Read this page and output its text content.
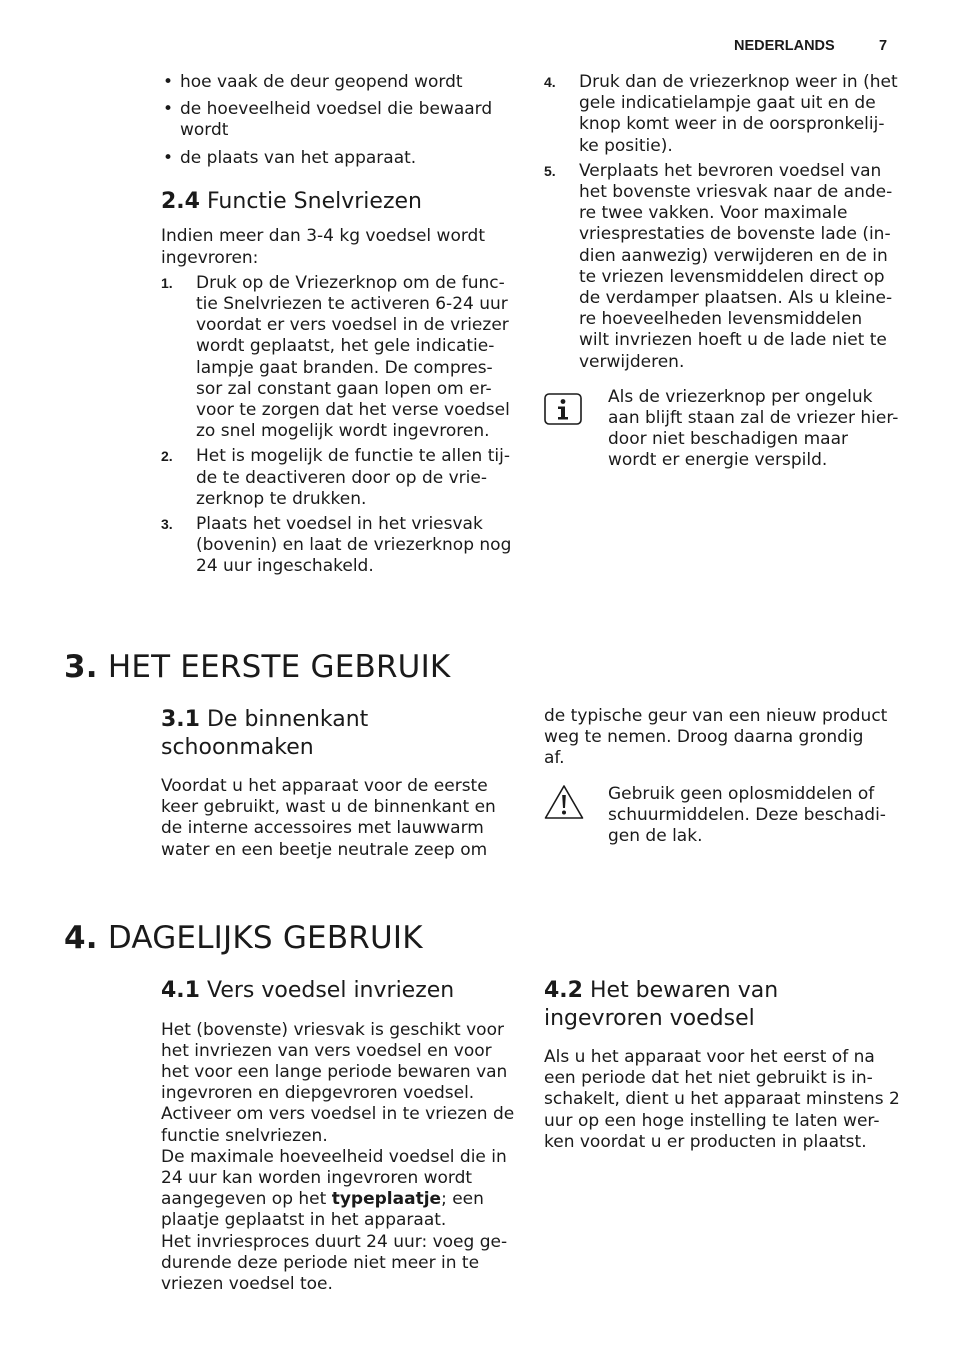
NEDERLANDS	7
• hoe vaak de deur geopend wordt
• de hoeveelheid voedsel die bewaard
wordt
• de plaats van het apparaat.
2.4 Functie Snelvriezen
Indien meer dan 3-4 kg voedsel wordt
ingevroren:
1. Druk op de Vriezerknop om de func-
tie Snelvriezen te activeren 6-24 uur
voordat er vers voedsel in de vriezer
wordt geplaatst, het gele indicatie-
lampje gaat branden. De compres-
sor zal constant gaan lopen om er-
voor te zorgen dat het verse voedsel
zo snel mogelijk wordt ingevroren.
2. Het is mogelijk de functie te allen tij-
de te deactiveren door op de vrie-
zerknop te drukken.
3. Plaats het voedsel in het vriesvak
(bovenin) en laat de vriezerknop nog
24 uur ingeschakeld.
4. Druk dan de vriezerknop weer in (het
gele indicatielampje gaat uit en de
knop komt weer in de oorspronkelij-
ke positie).
5. Verplaats het bevroren voedsel van
het bovenste vriesvak naar de ande-
re twee vakken. Voor maximale
vriesprestaties de bovenste lade (in-
dien aanwezig) verwijderen en de in
te vriezen levensmiddelen direct op
de verdamper plaatsen. Als u kleine-
re hoeveelheden levensmiddelen
wilt invriezen hoeft u de lade niet te
verwijderen.
Als de vriezerknop per ongeluk
aan blijft staan zal de vriezer hier-
door niet beschadigen maar
wordt er energie verspild.
3. HET EERSTE GEBRUIK
3.1 De binnenkant
schoonmaken
Voordat u het apparaat voor de eerste
keer gebruikt, wast u de binnenkant en
de interne accessoires met lauwwarm
water en een beetje neutrale zeep om
de typische geur van een nieuw product
weg te nemen. Droog daarna grondig
af.
Gebruik geen oplosmiddelen of
schuurmiddelen. Deze beschadi-
gen de lak.
4. DAGELIJKS GEBRUIK
4.1 Vers voedsel invriezen
Het (bovenste) vriesvak is geschikt voor
het invriezen van vers voedsel en voor
het voor een lange periode bewaren van
ingevroren en diepgevroren voedsel.
Activeer om vers voedsel in te vriezen de
functie snelvriezen.
De maximale hoeveelheid voedsel die in
24 uur kan worden ingevroren wordt
aangegeven op het typeplaatje; een
plaatje geplaatst in het apparaat.
Het invriesproces duurt 24 uur: voeg ge-
durende deze periode niet meer in te
vriezen voedsel toe.
4.2 Het bewaren van
ingevroren voedsel
Als u het apparaat voor het eerst of na
een periode dat het niet gebruikt is in-
schakelt, dient u het apparaat minstens 2
uur op een hoge instelling te laten wer-
ken voordat u er producten in plaatst.
